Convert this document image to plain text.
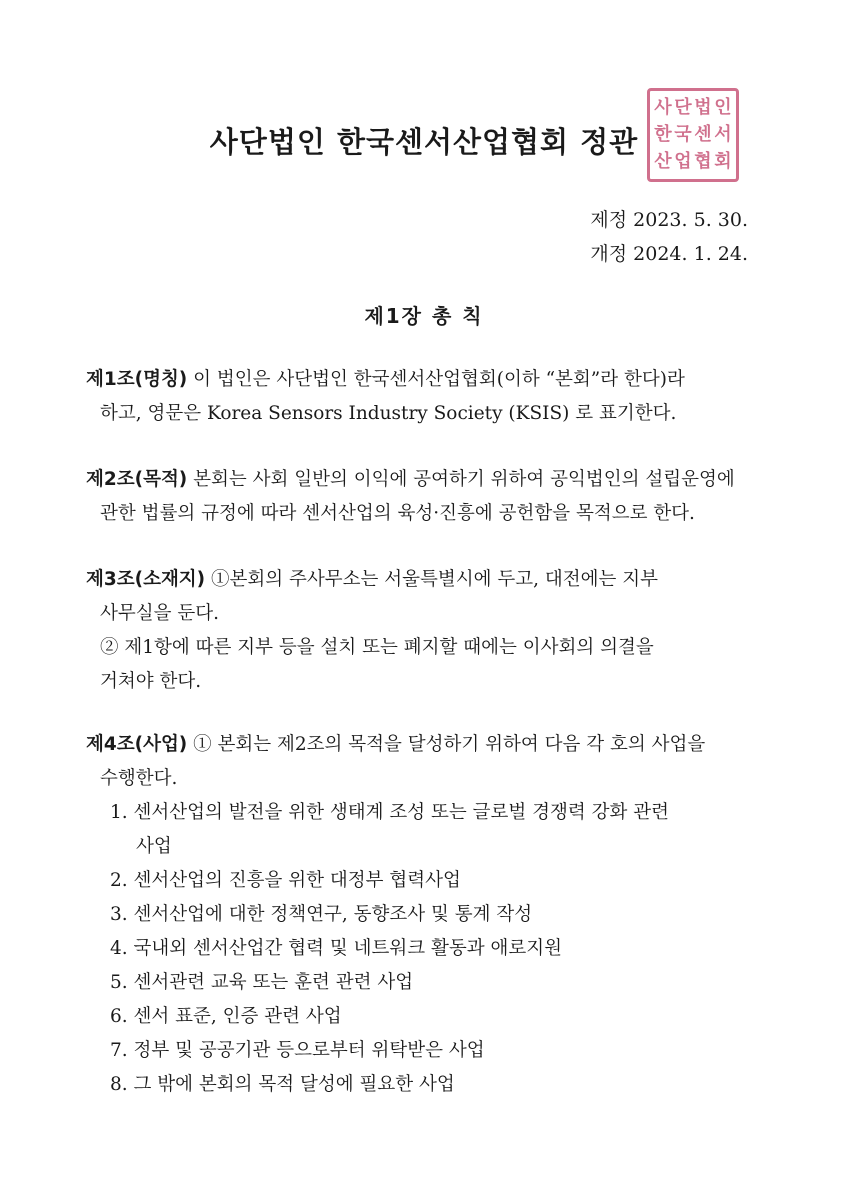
사단법인 한국센서산업협회 정관
사 단 법 인
한 국 센 서
산 업 협 회
제정 2023. 5. 30.
개정 2024. 1. 24.
제1장 총 칙
제1조(명칭) 이 법인은 사단법인 한국센서산업협회(이하 “본회”라 한다)라
하고, 영문은 Korea Sensors Industry Society (KSIS) 로 표기한다.
제2조(목적) 본회는 사회 일반의 이익에 공여하기 위하여 공익법인의 설립운영에
관한 법률의 규정에 따라 센서산업의 육성·진흥에 공헌함을 목적으로 한다.
제3조(소재지) ①본회의 주사무소는 서울특별시에 두고, 대전에는 지부
사무실을 둔다.
② 제1항에 따른 지부 등을 설치 또는 폐지할 때에는 이사회의 의결을
거쳐야 한다.
제4조(사업) ① 본회는 제2조의 목적을 달성하기 위하여 다음 각 호의 사업을
수행한다.
1. 센서산업의 발전을 위한 생태계 조성 또는 글로벌 경쟁력 강화 관련
사업
2. 센서산업의 진흥을 위한 대정부 협력사업
3. 센서산업에 대한 정책연구, 동향조사 및 통계 작성
4. 국내외 센서산업간 협력 및 네트워크 활동과 애로지원
5. 센서관련 교육 또는 훈련 관련 사업
6. 센서 표준, 인증 관련 사업
7. 정부 및 공공기관 등으로부터 위탁받은 사업
8. 그 밖에 본회의 목적 달성에 필요한 사업
